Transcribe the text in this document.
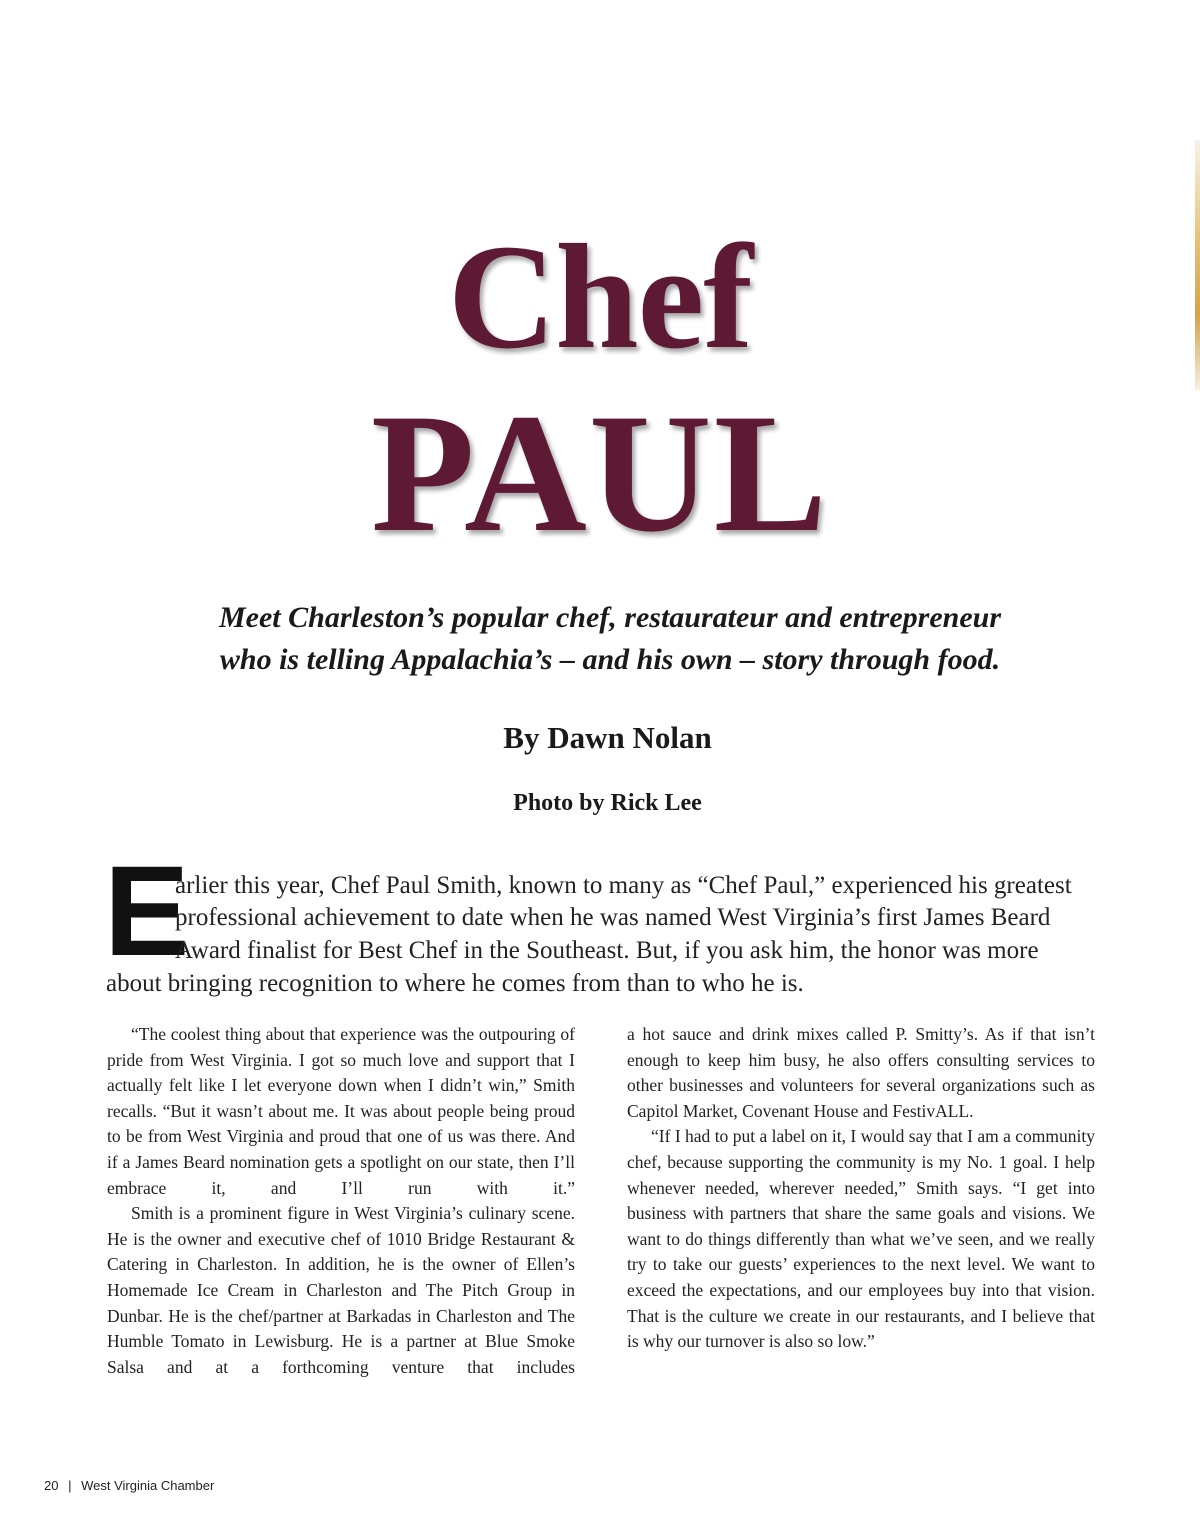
Chef
PAUL
Meet Charleston’s popular chef, restaurateur and entrepreneur
who is telling Appalachia’s – and his own – story through food.
By Dawn Nolan
Photo by Rick Lee
E
arlier this year, Chef Paul Smith, known to many as “Chef Paul,” experienced his greatest
professional achievement to date when he was named West Virginia’s first James Beard
Award finalist for Best Chef in the Southeast. But, if you ask him, the honor was more
about bringing recognition to where he comes from than to who he is.

“The coolest thing about that experience was the outpouring of pride from West Virginia. I got so much love and support that I actually felt like I let everyone down when I didn’t win,” Smith recalls. “But it wasn’t about me. It was about people being proud to be from West Virginia and proud that one of us was there. And if a James Beard nomination gets a spotlight on our state, then I’ll embrace it, and I’ll run with it.”

Smith is a prominent figure in West Virginia’s culinary scene. He is the owner and executive chef of 1010 Bridge Restaurant & Catering in Charleston. In addition, he is the owner of Ellen’s Homemade Ice Cream in Charleston and The Pitch Group in Dunbar. He is the chef/partner at Barkadas in Charleston and The Humble Tomato in Lewisburg. He is a partner at Blue Smoke Salsa and at a forthcoming venture that includes

a hot sauce and drink mixes called P. Smitty’s. As if that isn’t enough to keep him busy, he also offers consulting services to other businesses and volunteers for several organizations such as Capitol Market, Covenant House and FestivALL.

“If I had to put a label on it, I would say that I am a community chef, because supporting the community is my No. 1 goal. I help whenever needed, wherever needed,” Smith says. “I get into business with partners that share the same goals and visions. We want to do things differently than what we’ve seen, and we really try to take our guests’ experiences to the next level. We want to exceed the expectations, and our employees buy into that vision. That is the culture we create in our restaurants, and I believe that is why our turnover is also so low.”

20 | West Virginia Chamber
